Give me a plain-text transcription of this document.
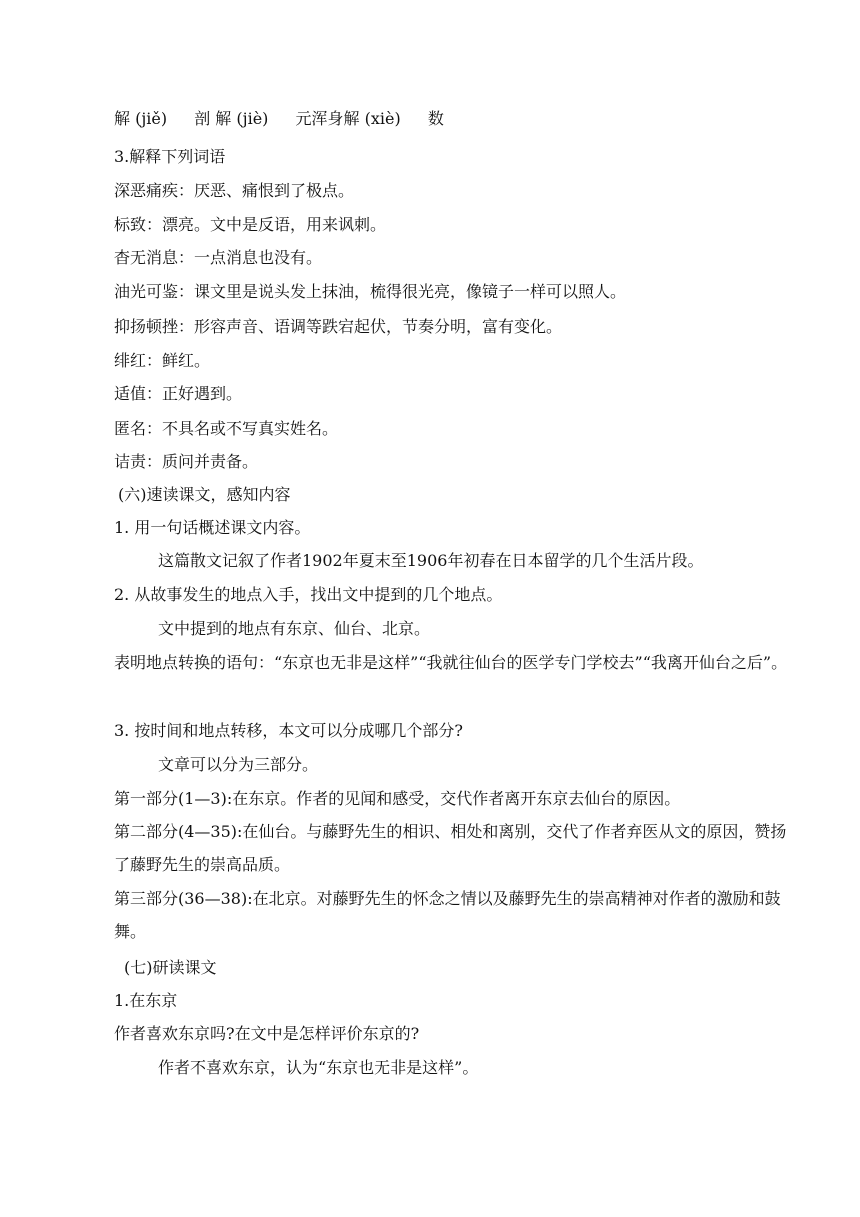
解 (jiě) 剖 解 (jiè) 元浑身解 (xiè) 数
3.解释下列词语
深恶痛疾：厌恶、痛恨到了极点。
标致：漂亮。文中是反语，用来讽刺。
杳无消息：一点消息也没有。
油光可鉴：课文里是说头发上抹油，梳得很光亮，像镜子一样可以照人。
抑扬顿挫：形容声音、语调等跌宕起伏，节奏分明，富有变化。
绯红：鲜红。
适值：正好遇到。
匿名：不具名或不写真实姓名。
诘责：质问并责备。
(六)速读课文，感知内容
1. 用一句话概述课文内容。
这篇散文记叙了作者1902年夏末至1906年初春在日本留学的几个生活片段。
2. 从故事发生的地点入手，找出文中提到的几个地点。
文中提到的地点有东京、仙台、北京。
表明地点转换的语句：“东京也无非是这样”“我就往仙台的医学专门学校去”“我离开仙台之后”。
3. 按时间和地点转移，本文可以分成哪几个部分?
文章可以分为三部分。
第一部分(1—3):在东京。作者的见闻和感受，交代作者离开东京去仙台的原因。
第二部分(4—35):在仙台。与藤野先生的相识、相处和离别，交代了作者弃医从文的原因，赞扬了藤野先生的崇高品质。
第三部分(36—38):在北京。对藤野先生的怀念之情以及藤野先生的崇高精神对作者的激励和鼓舞。
(七)研读课文
1.在东京
作者喜欢东京吗?在文中是怎样评价东京的?
作者不喜欢东京，认为“东京也无非是这样”。
